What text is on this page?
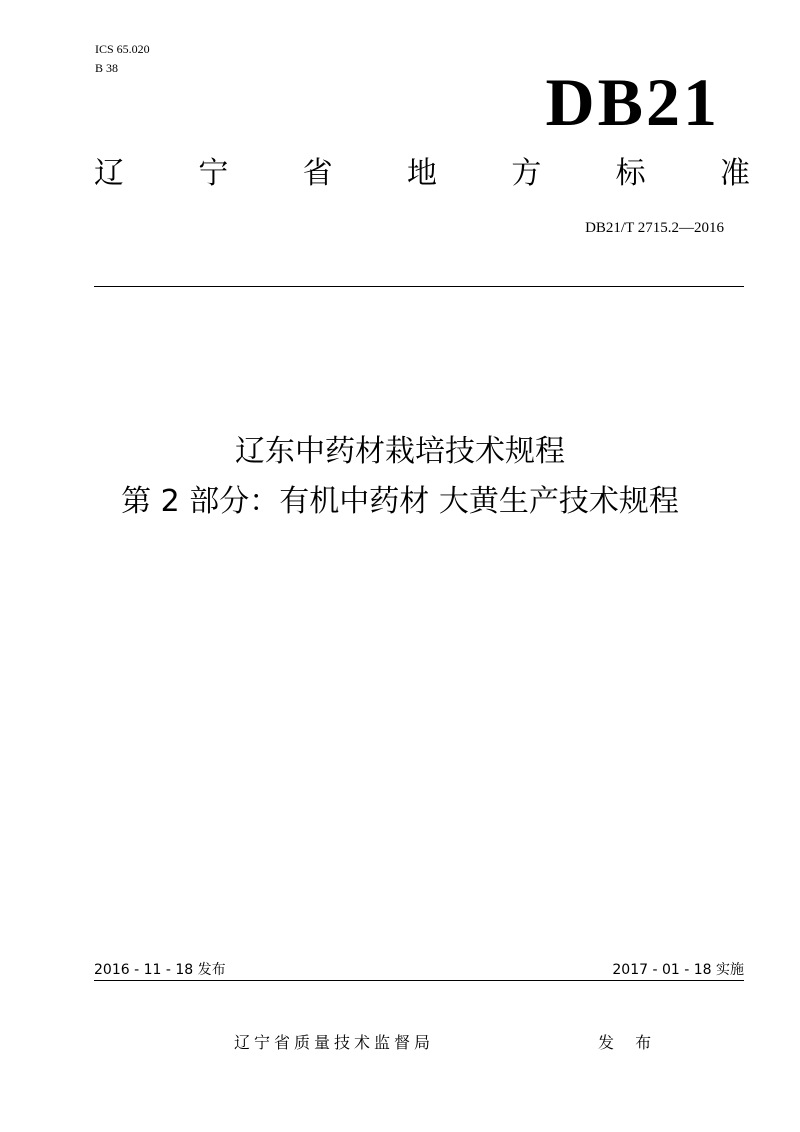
ICS 65.020
B 38	DB21
辽 宁 省 地 方 标 准
DB21/T 2715.2—2016
辽东中药材栽培技术规程
第 2 部分：有机中药材 大黄生产技术规程
2016 - 11 - 18 发布	2017 - 01 - 18 实施
辽宁省质量技术监督局	发 布
